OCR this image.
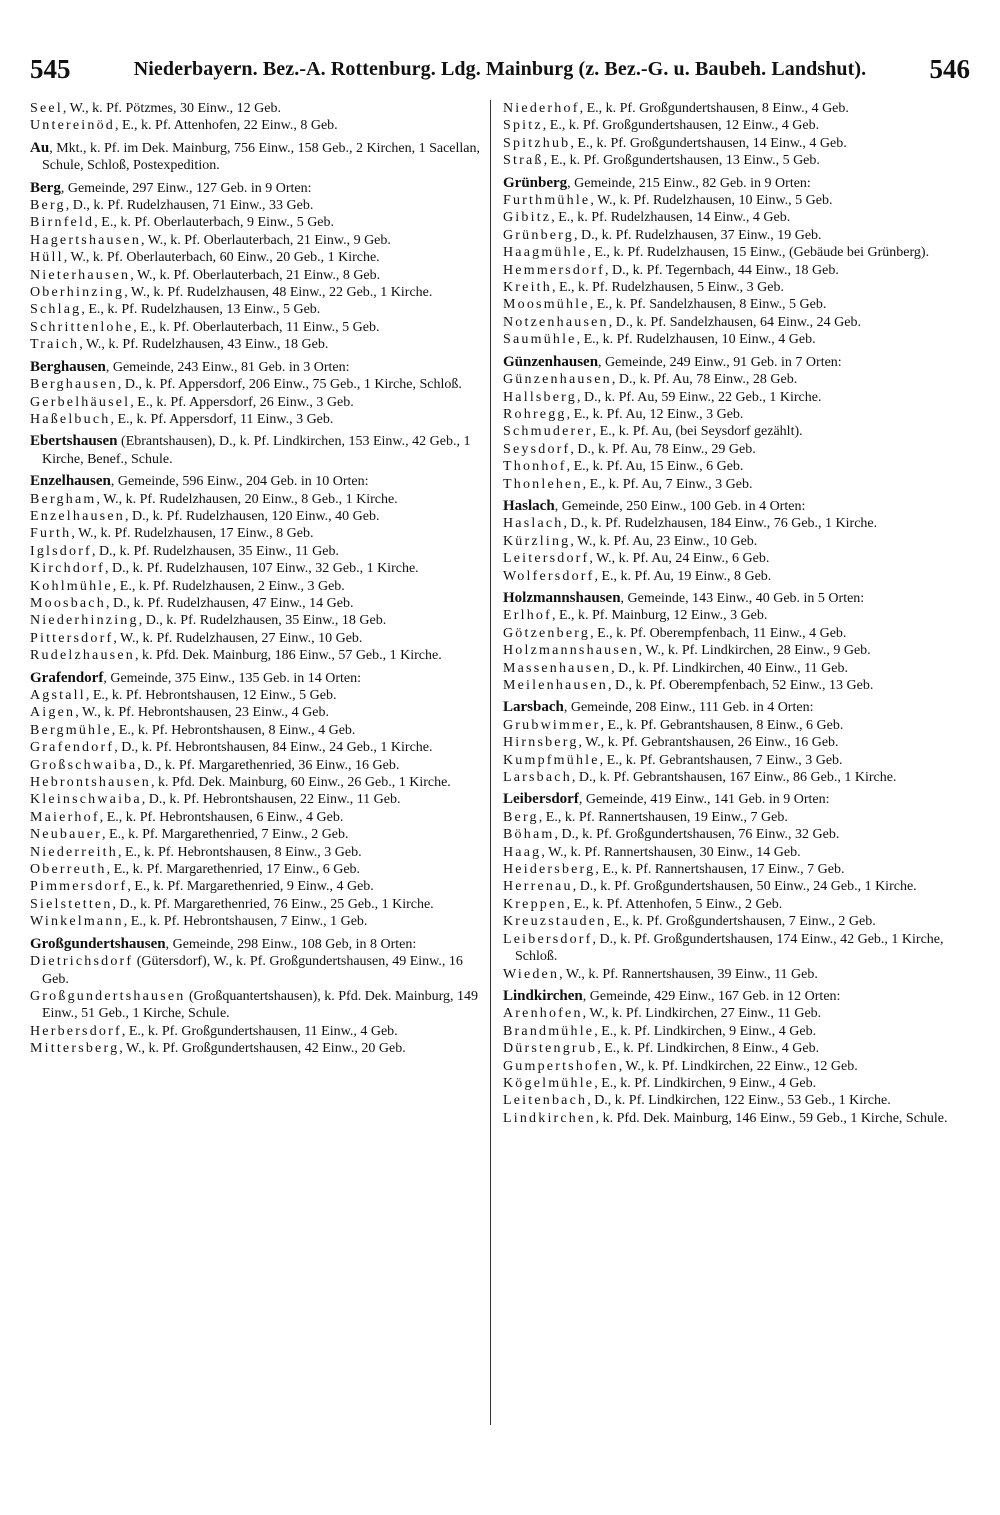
545	Niederbayern. Bez.-A. Rottenburg. Ldg. Mainburg (z. Bez.-G. u. Baubeh. Landshut).	546

Seel, W., k. Pf. Pötzmes, 30 Einw., 12 Geb.

Untereinöd, E., k. Pf. Attenhofen, 22 Einw., 8 Geb.

Au, Mkt., k. Pf. im Dek. Mainburg, 756 Einw., 158 Geb., 2 Kirchen, 1 Sacellan, Schule, Schloß, Postexpedition.

Berg, Gemeinde, 297 Einw., 127 Geb. in 9 Orten:

Berg, D., k. Pf. Rudelzhausen, 71 Einw., 33 Geb.

Birnfeld, E., k. Pf. Oberlauterbach, 9 Einw., 5 Geb.

Hagertshausen, W., k. Pf. Oberlauterbach, 21 Einw., 9 Geb.

Hüll, W., k. Pf. Oberlauterbach, 60 Einw., 20 Geb., 1 Kirche.

Nieterhausen, W., k. Pf. Oberlauterbach, 21 Einw., 8 Geb.

Oberhinzing, W., k. Pf. Rudelzhausen, 48 Einw., 22 Geb., 1 Kirche.

Schlag, E., k. Pf. Rudelzhausen, 13 Einw., 5 Geb.

Schrittenlohe, E., k. Pf. Oberlauterbach, 11 Einw., 5 Geb.

Traich, W., k. Pf. Rudelzhausen, 43 Einw., 18 Geb.

Berghausen, Gemeinde, 243 Einw., 81 Geb. in 3 Orten:

Berghausen, D., k. Pf. Appersdorf, 206 Einw., 75 Geb., 1 Kirche, Schloß.

Gerbelhäusel, E., k. Pf. Appersdorf, 26 Einw., 3 Geb.

Haßelbuch, E., k. Pf. Appersdorf, 11 Einw., 3 Geb.

Ebertshausen (Ebrantshausen), D., k. Pf. Lindkirchen, 153 Einw., 42 Geb., 1 Kirche, Benef., Schule.

Enzelhausen, Gemeinde, 596 Einw., 204 Geb. in 10 Orten:

Bergham, W., k. Pf. Rudelzhausen, 20 Einw., 8 Geb., 1 Kirche.

Enzelhausen, D., k. Pf. Rudelzhausen, 120 Einw., 40 Geb.

Furth, W., k. Pf. Rudelzhausen, 17 Einw., 8 Geb.

Iglsdorf, D., k. Pf. Rudelzhausen, 35 Einw., 11 Geb.

Kirchdorf, D., k. Pf. Rudelzhausen, 107 Einw., 32 Geb., 1 Kirche.

Kohlmühle, E., k. Pf. Rudelzhausen, 2 Einw., 3 Geb.

Moosbach, D., k. Pf. Rudelzhausen, 47 Einw., 14 Geb.

Niederhinzing, D., k. Pf. Rudelzhausen, 35 Einw., 18 Geb.

Pittersdorf, W., k. Pf. Rudelzhausen, 27 Einw., 10 Geb.

Rudelzhausen, k. Pfd. Dek. Mainburg, 186 Einw., 57 Geb., 1 Kirche.

Grafendorf, Gemeinde, 375 Einw., 135 Geb. in 14 Orten:

Agstall, E., k. Pf. Hebrontshausen, 12 Einw., 5 Geb.

Aigen, W., k. Pf. Hebrontshausen, 23 Einw., 4 Geb.

Bergmühle, E., k. Pf. Hebrontshausen, 8 Einw., 4 Geb.

Grafendorf, D., k. Pf. Hebrontshausen, 84 Einw., 24 Geb., 1 Kirche.

Großschwaiba, D., k. Pf. Margarethenried, 36 Einw., 16 Geb.

Hebrontshausen, k. Pfd. Dek. Mainburg, 60 Einw., 26 Geb., 1 Kirche.

Kleinschwaiba, D., k. Pf. Hebrontshausen, 22 Einw., 11 Geb.

Maierhof, E., k. Pf. Hebrontshausen, 6 Einw., 4 Geb.

Neubauer, E., k. Pf. Margarethenried, 7 Einw., 2 Geb.

Niederreith, E., k. Pf. Hebrontshausen, 8 Einw., 3 Geb.

Oberreuth, E., k. Pf. Margarethenried, 17 Einw., 6 Geb.

Pimmersdorf, E., k. Pf. Margarethenried, 9 Einw., 4 Geb.

Sielstetten, D., k. Pf. Margarethenried, 76 Einw., 25 Geb., 1 Kirche.

Winkelmann, E., k. Pf. Hebrontshausen, 7 Einw., 1 Geb.

Großgundertshausen, Gemeinde, 298 Einw., 108 Geb, in 8 Orten:

Dietrichsdorf (Gütersdorf), W., k. Pf. Großgundertshausen, 49 Einw., 16 Geb.

Großgundertshausen (Großquantertshausen), k. Pfd. Dek. Mainburg, 149 Einw., 51 Geb., 1 Kirche, Schule.

Herbersdorf, E., k. Pf. Großgundertshausen, 11 Einw., 4 Geb.

Mittersberg, W., k. Pf. Großgundertshausen, 42 Einw., 20 Geb.

Niederhof, E., k. Pf. Großgundertshausen, 8 Einw., 4 Geb.

Spitz, E., k. Pf. Großgundertshausen, 12 Einw., 4 Geb.

Spitzhub, E., k. Pf. Großgundertshausen, 14 Einw., 4 Geb.

Straß, E., k. Pf. Großgundertshausen, 13 Einw., 5 Geb.

Grünberg, Gemeinde, 215 Einw., 82 Geb. in 9 Orten:

Furthmühle, W., k. Pf. Rudelzhausen, 10 Einw., 5 Geb.

Gibitz, E., k. Pf. Rudelzhausen, 14 Einw., 4 Geb.

Grünberg, D., k. Pf. Rudelzhausen, 37 Einw., 19 Geb.

Haagmühle, E., k. Pf. Rudelzhausen, 15 Einw., (Gebäude bei Grünberg).

Hemmersdorf, D., k. Pf. Tegernbach, 44 Einw., 18 Geb.

Kreith, E., k. Pf. Rudelzhausen, 5 Einw., 3 Geb.

Moosmühle, E., k. Pf. Sandelzhausen, 8 Einw., 5 Geb.

Notzenhausen, D., k. Pf. Sandelzhausen, 64 Einw., 24 Geb.

Saumühle, E., k. Pf. Rudelzhausen, 10 Einw., 4 Geb.

Günzenhausen, Gemeinde, 249 Einw., 91 Geb. in 7 Orten:

Günzenhausen, D., k. Pf. Au, 78 Einw., 28 Geb.

Hallsberg, D., k. Pf. Au, 59 Einw., 22 Geb., 1 Kirche.

Rohregg, E., k. Pf. Au, 12 Einw., 3 Geb.

Schmuderer, E., k. Pf. Au, (bei Seysdorf gezählt).

Seysdorf, D., k. Pf. Au, 78 Einw., 29 Geb.

Thonhof, E., k. Pf. Au, 15 Einw., 6 Geb.

Thonlehen, E., k. Pf. Au, 7 Einw., 3 Geb.

Haslach, Gemeinde, 250 Einw., 100 Geb. in 4 Orten:

Haslach, D., k. Pf. Rudelzhausen, 184 Einw., 76 Geb., 1 Kirche.

Kürzling, W., k. Pf. Au, 23 Einw., 10 Geb.

Leitersdorf, W., k. Pf. Au, 24 Einw., 6 Geb.

Wolfersdorf, E., k. Pf. Au, 19 Einw., 8 Geb.

Holzmannshausen, Gemeinde, 143 Einw., 40 Geb. in 5 Orten:

Erlhof, E., k. Pf. Mainburg, 12 Einw., 3 Geb.

Götzenberg, E., k. Pf. Oberempfenbach, 11 Einw., 4 Geb.

Holzmannshausen, W., k. Pf. Lindkirchen, 28 Einw., 9 Geb.

Massenhausen, D., k. Pf. Lindkirchen, 40 Einw., 11 Geb.

Meilenhausen, D., k. Pf. Oberempfenbach, 52 Einw., 13 Geb.

Larsbach, Gemeinde, 208 Einw., 111 Geb. in 4 Orten:

Grubwimmer, E., k. Pf. Gebrantshausen, 8 Einw., 6 Geb.

Hirnsberg, W., k. Pf. Gebrantshausen, 26 Einw., 16 Geb.

Kumpfmühle, E., k. Pf. Gebrantshausen, 7 Einw., 3 Geb.

Larsbach, D., k. Pf. Gebrantshausen, 167 Einw., 86 Geb., 1 Kirche.

Leibersdorf, Gemeinde, 419 Einw., 141 Geb. in 9 Orten:

Berg, E., k. Pf. Rannertshausen, 19 Einw., 7 Geb.

Böham, D., k. Pf. Großgundertshausen, 76 Einw., 32 Geb.

Haag, W., k. Pf. Rannertshausen, 30 Einw., 14 Geb.

Heidersberg, E., k. Pf. Rannertshausen, 17 Einw., 7 Geb.

Herrenau, D., k. Pf. Großgundertshausen, 50 Einw., 24 Geb., 1 Kirche.

Kreppen, E., k. Pf. Attenhofen, 5 Einw., 2 Geb.

Kreuzstauden, E., k. Pf. Großgundertshausen, 7 Einw., 2 Geb.

Leibersdorf, D., k. Pf. Großgundertshausen, 174 Einw., 42 Geb., 1 Kirche, Schloß.

Wieden, W., k. Pf. Rannertshausen, 39 Einw., 11 Geb.

Lindkirchen, Gemeinde, 429 Einw., 167 Geb. in 12 Orten:

Arenhofen, W., k. Pf. Lindkirchen, 27 Einw., 11 Geb.

Brandmühle, E., k. Pf. Lindkirchen, 9 Einw., 4 Geb.

Dürstengrub, E., k. Pf. Lindkirchen, 8 Einw., 4 Geb.

Gumpertshofen, W., k. Pf. Lindkirchen, 22 Einw., 12 Geb.

Kögelmühle, E., k. Pf. Lindkirchen, 9 Einw., 4 Geb.

Leitenbach, D., k. Pf. Lindkirchen, 122 Einw., 53 Geb., 1 Kirche.

Lindkirchen, k. Pfd. Dek. Mainburg, 146 Einw., 59 Geb., 1 Kirche, Schule.
